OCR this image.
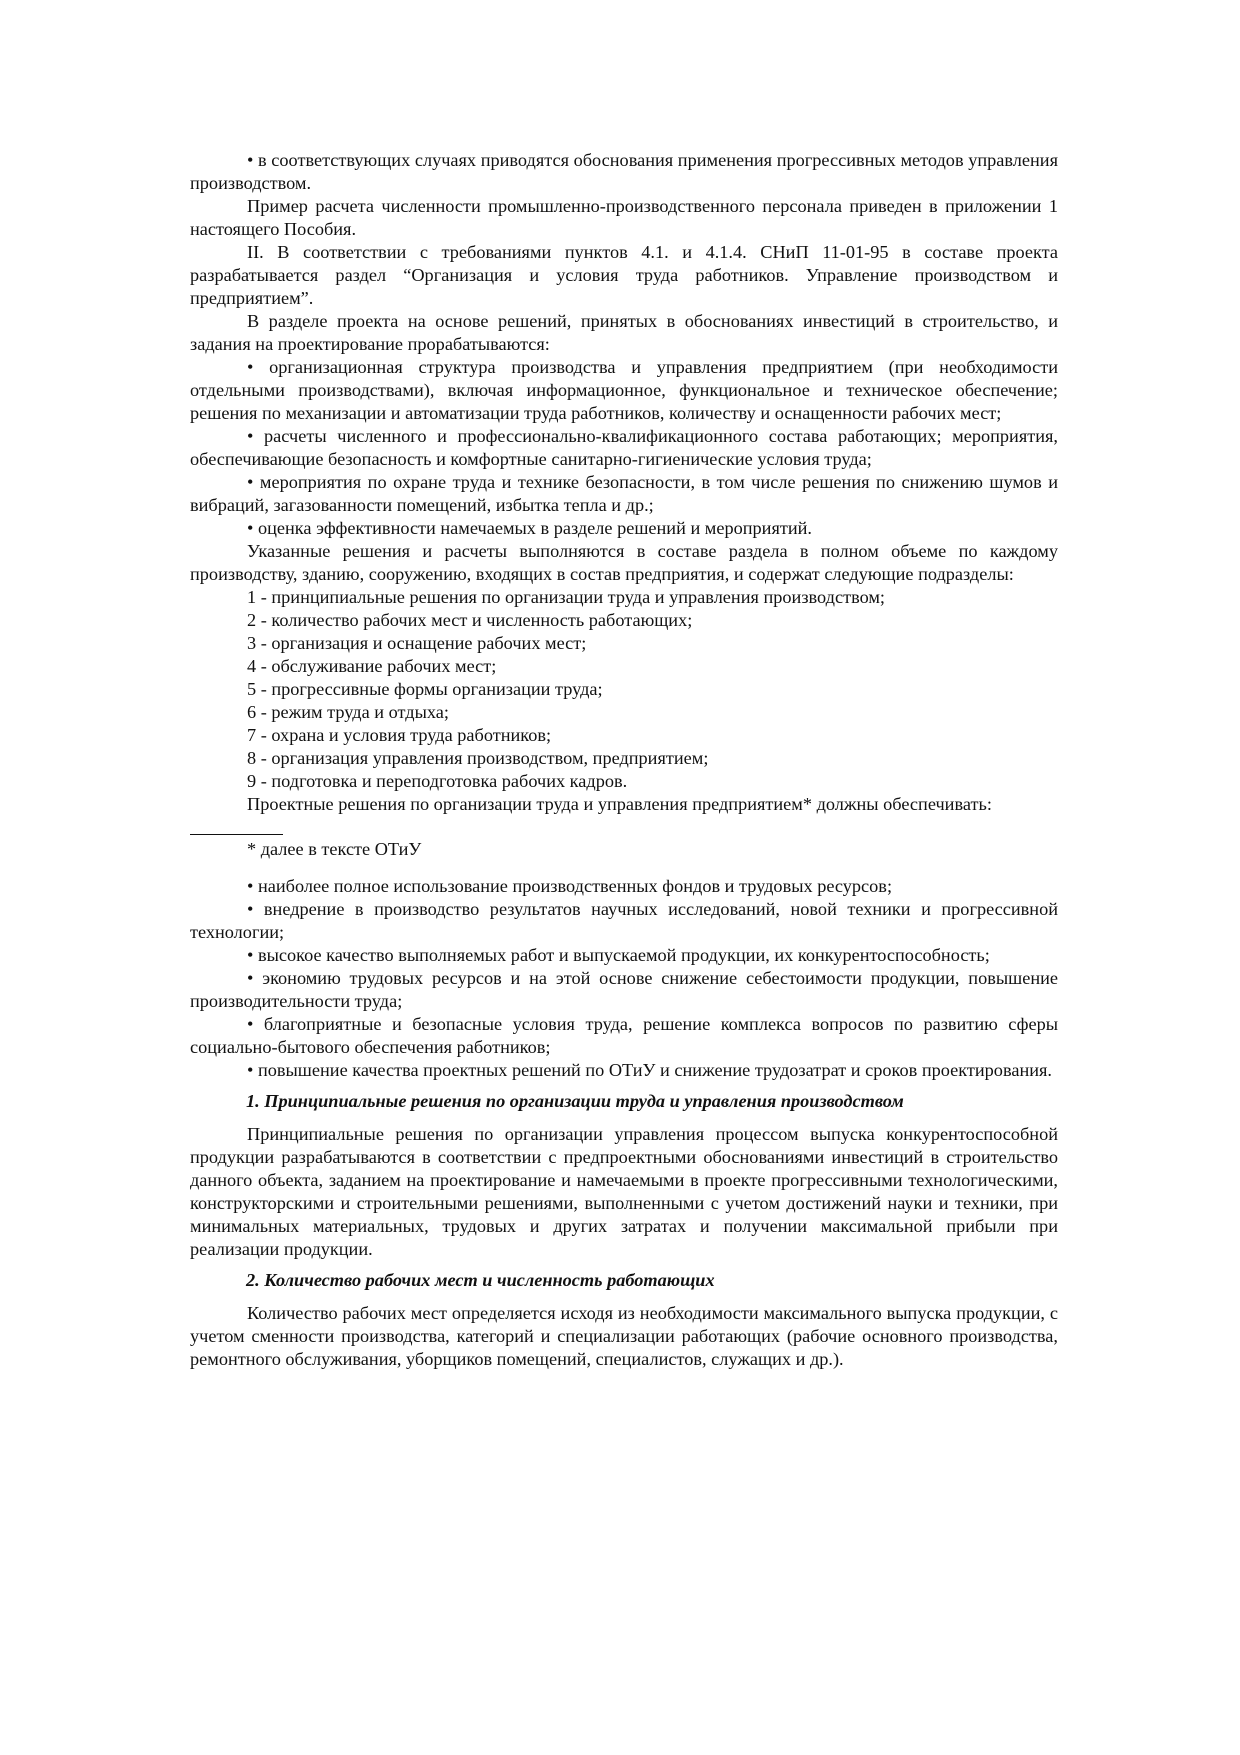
• в соответствующих случаях приводятся обоснования применения прогрессивных методов управления производством.

Пример расчета численности промышленно-производственного персонала приведен в приложении 1 настоящего Пособия.

II. В соответствии с требованиями пунктов 4.1. и 4.1.4. СНиП 11-01-95 в составе проекта разрабатывается раздел “Организация и условия труда работников. Управление производством и предприятием”.

В разделе проекта на основе решений, принятых в обоснованиях инвестиций в строительство, и задания на проектирование прорабатываются:

• организационная структура производства и управления предприятием (при необходимости отдельными производствами), включая информационное, функциональное и техническое обеспечение; решения по механизации и автоматизации труда работников, количеству и оснащенности рабочих мест;

• расчеты численного и профессионально-квалификационного состава работающих; мероприятия, обеспечивающие безопасность и комфортные санитарно-гигиенические условия труда;

• мероприятия по охране труда и технике безопасности, в том числе решения по снижению шумов и вибраций, загазованности помещений, избытка тепла и др.;

• оценка эффективности намечаемых в разделе решений и мероприятий.

Указанные решения и расчеты выполняются в составе раздела в полном объеме по каждому производству, зданию, сооружению, входящих в состав предприятия, и содержат следующие подразделы:

1 - принципиальные решения по организации труда и управления производством;

2 - количество рабочих мест и численность работающих;

3 - организация и оснащение рабочих мест;

4 - обслуживание рабочих мест;

5 - прогрессивные формы организации труда;

6 - режим труда и отдыха;

7 - охрана и условия труда работников;

8 - организация управления производством, предприятием;

9 - подготовка и переподготовка рабочих кадров.

Проектные решения по организации труда и управления предприятием* должны обеспечивать:

* далее в тексте ОТиУ

• наиболее полное использование производственных фондов и трудовых ресурсов;

• внедрение в производство результатов научных исследований, новой техники и прогрессивной технологии;

• высокое качество выполняемых работ и выпускаемой продукции, их конкурентоспособность;

• экономию трудовых ресурсов и на этой основе снижение себестоимости продукции, повышение производительности труда;

• благоприятные и безопасные условия труда, решение комплекса вопросов по развитию сферы социально-бытового обеспечения работников;

• повышение качества проектных решений по ОТиУ и снижение трудозатрат и сроков проектирования.

1. Принципиальные решения по организации труда и управления производством

Принципиальные решения по организации управления процессом выпуска конкурентоспособной продукции разрабатываются в соответствии с предпроектными обоснованиями инвестиций в строительство данного объекта, заданием на проектирование и намечаемыми в проекте прогрессивными технологическими, конструкторскими и строительными решениями, выполненными с учетом достижений науки и техники, при минимальных материальных, трудовых и других затратах и получении максимальной прибыли при реализации продукции.

2. Количество рабочих мест и численность работающих

Количество рабочих мест определяется исходя из необходимости максимального выпуска продукции, с учетом сменности производства, категорий и специализации работающих (рабочие основного производства, ремонтного обслуживания, уборщиков помещений, специалистов, служащих и др.).
